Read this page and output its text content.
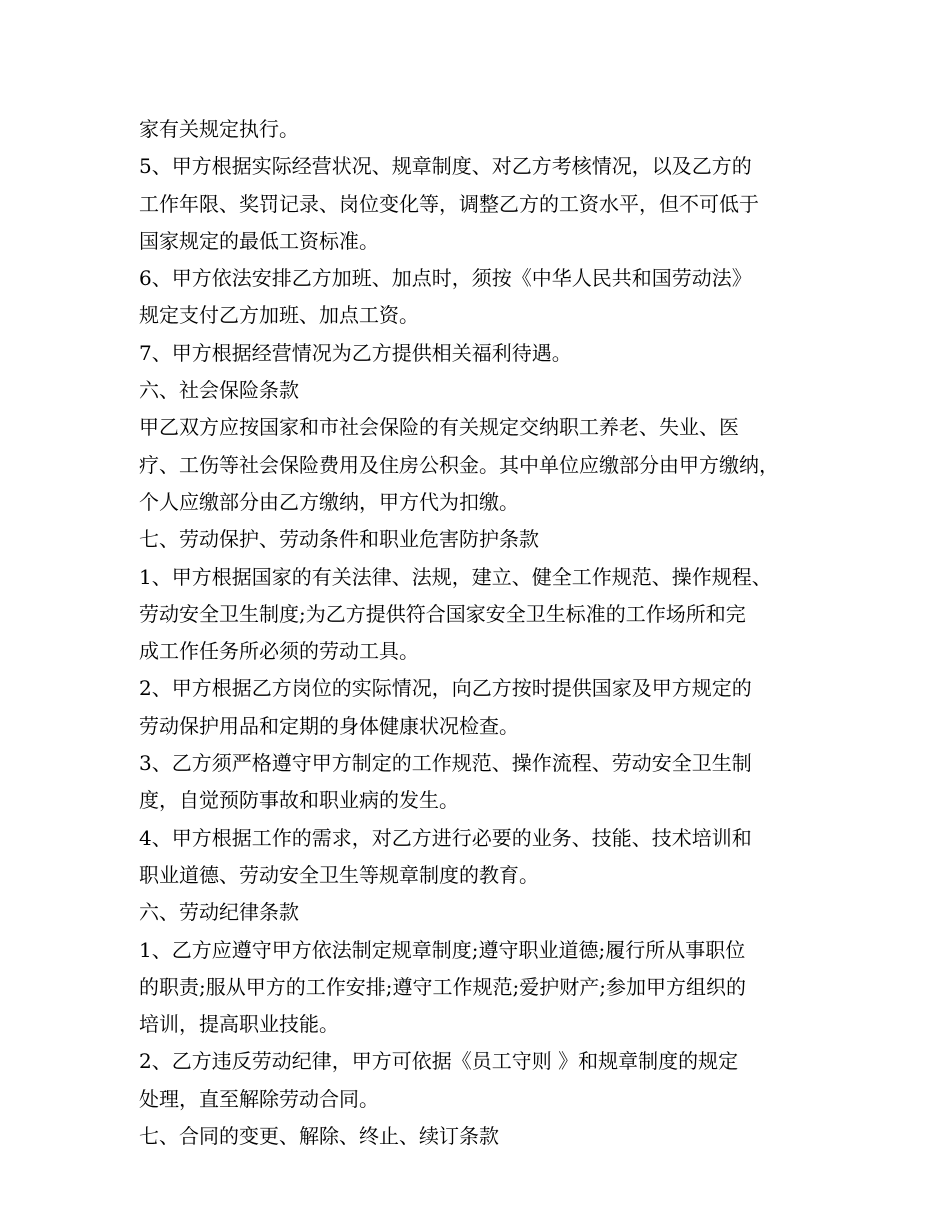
家有关规定执行。
5、甲方根据实际经营状况、规章制度、对乙方考核情况，以及乙方的
工作年限、奖罚记录、岗位变化等，调整乙方的工资水平，但不可低于
国家规定的最低工资标准。
6、甲方依法安排乙方加班、加点时，须按《中华人民共和国劳动法》
规定支付乙方加班、加点工资。
7、甲方根据经营情况为乙方提供相关福利待遇。
六、社会保险条款
甲乙双方应按国家和市社会保险的有关规定交纳职工养老、失业、医
疗、工伤等社会保险费用及住房公积金。其中单位应缴部分由甲方缴纳，
个人应缴部分由乙方缴纳，甲方代为扣缴。
七、劳动保护、劳动条件和职业危害防护条款
1、甲方根据国家的有关法律、法规，建立、健全工作规范、操作规程、
劳动安全卫生制度;为乙方提供符合国家安全卫生标准的工作场所和完
成工作任务所必须的劳动工具。
2、甲方根据乙方岗位的实际情况，向乙方按时提供国家及甲方规定的
劳动保护用品和定期的身体健康状况检查。
3、乙方须严格遵守甲方制定的工作规范、操作流程、劳动安全卫生制
度，自觉预防事故和职业病的发生。
4、甲方根据工作的需求，对乙方进行必要的业务、技能、技术培训和
职业道德、劳动安全卫生等规章制度的教育。
六、劳动纪律条款
1、乙方应遵守甲方依法制定规章制度;遵守职业道德;履行所从事职位
的职责;服从甲方的工作安排;遵守工作规范;爱护财产;参加甲方组织的
培训，提高职业技能。
2、乙方违反劳动纪律，甲方可依据《员工守则 》和规章制度的规定
处理，直至解除劳动合同。
七、合同的变更、解除、终止、续订条款
